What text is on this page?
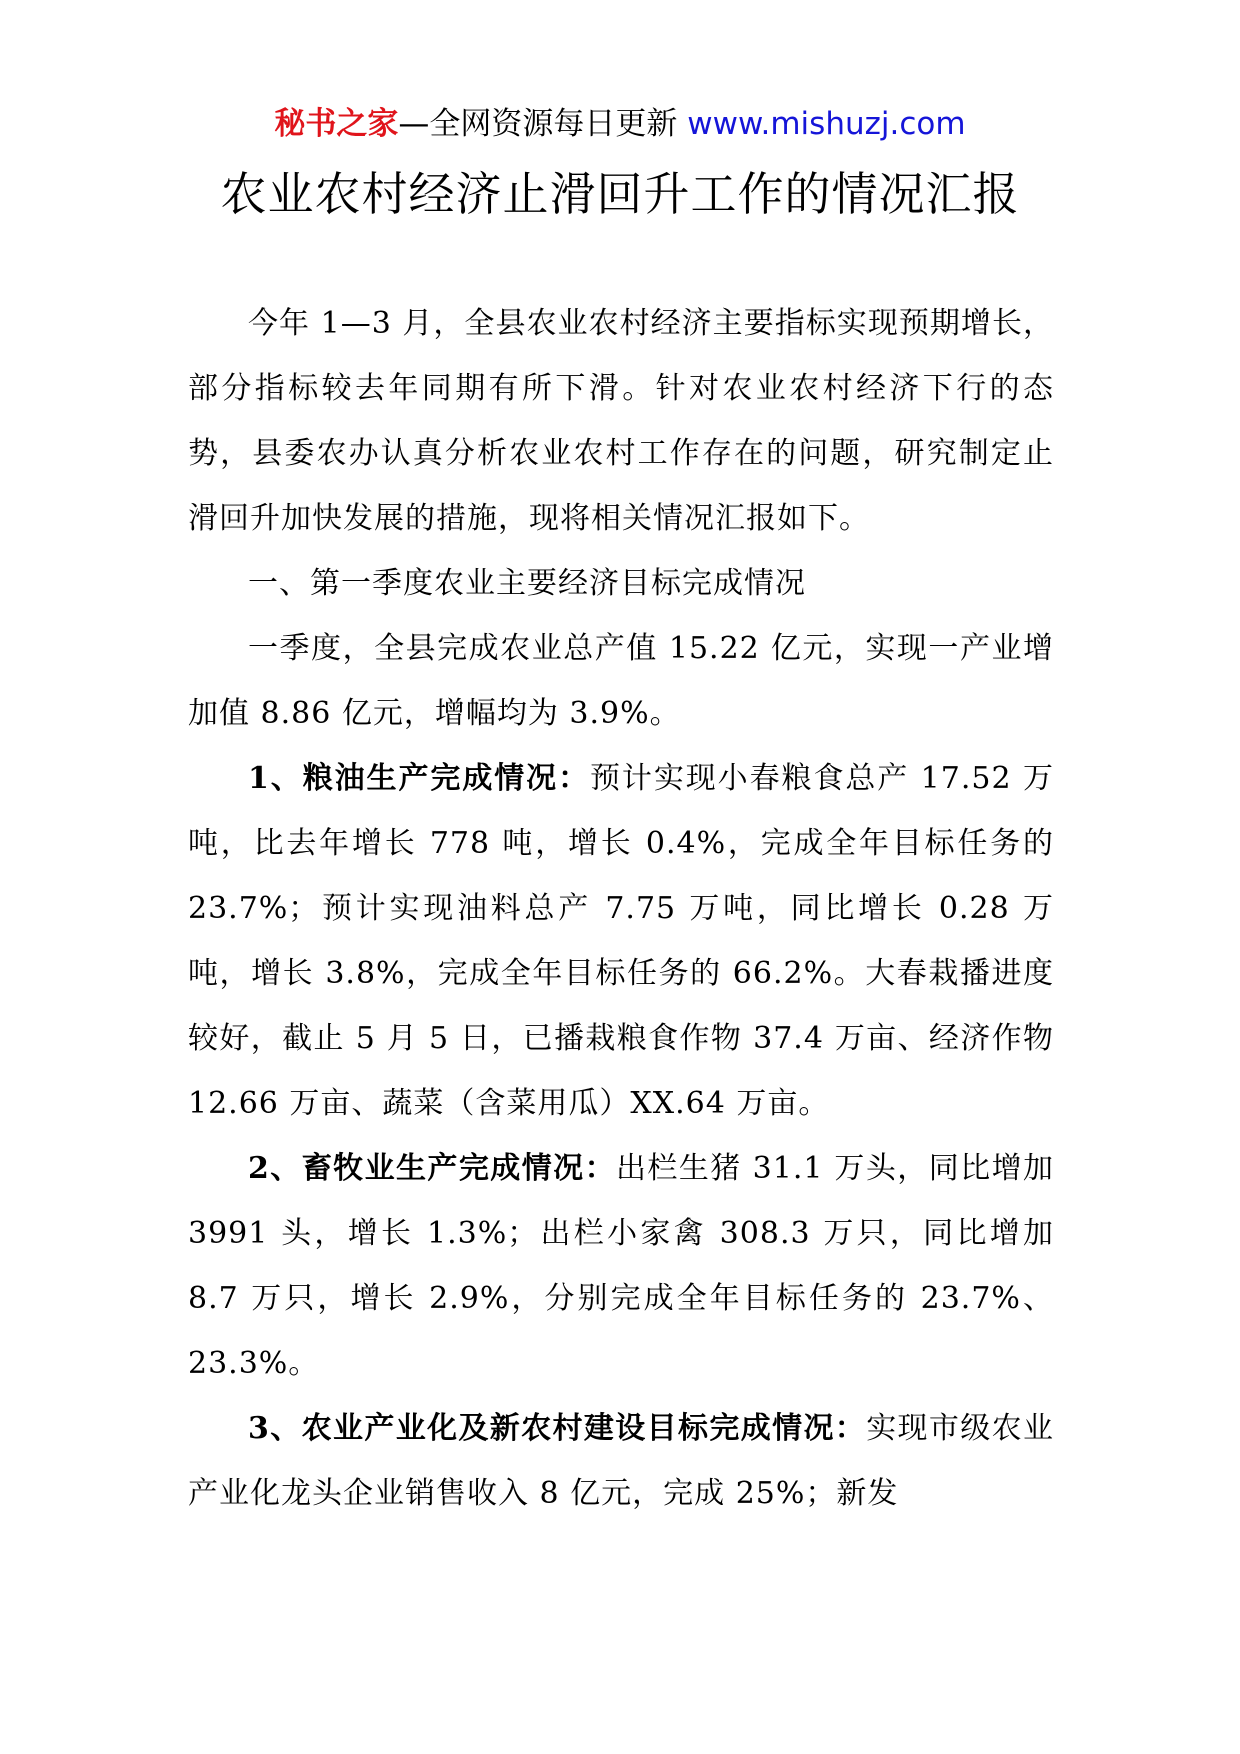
秘书之家—全网资源每日更新 www.mishuzj.com
农业农村经济止滑回升工作的情况汇报

今年 1—3 月，全县农业农村经济主要指标实现预期增长，部分指标较去年同期有所下滑。针对农业农村经济下行的态势，县委农办认真分析农业农村工作存在的问题，研究制定止滑回升加快发展的措施，现将相关情况汇报如下。

一、第一季度农业主要经济目标完成情况

一季度，全县完成农业总产值 15.22 亿元，实现一产业增加值 8.86 亿元，增幅均为 3.9%。

1、粮油生产完成情况：预计实现小春粮食总产 17.52 万吨，比去年增长 778 吨，增长 0.4%，完成全年目标任务的 23.7%；预计实现油料总产 7.75 万吨，同比增长 0.28 万吨，增长 3.8%，完成全年目标任务的 66.2%。大春栽播进度较好，截止 5 月 5 日，已播栽粮食作物 37.4 万亩、经济作物 12.66 万亩、蔬菜（含菜用瓜）XX.64 万亩。

2、畜牧业生产完成情况：出栏生猪 31.1 万头，同比增加 3991 头，增长 1.3%；出栏小家禽 308.3 万只，同比增加 8.7 万只，增长 2.9%，分别完成全年目标任务的 23.7%、23.3%。

3、农业产业化及新农村建设目标完成情况：实现市级农业产业化龙头企业销售收入 8 亿元，完成 25%；新发
